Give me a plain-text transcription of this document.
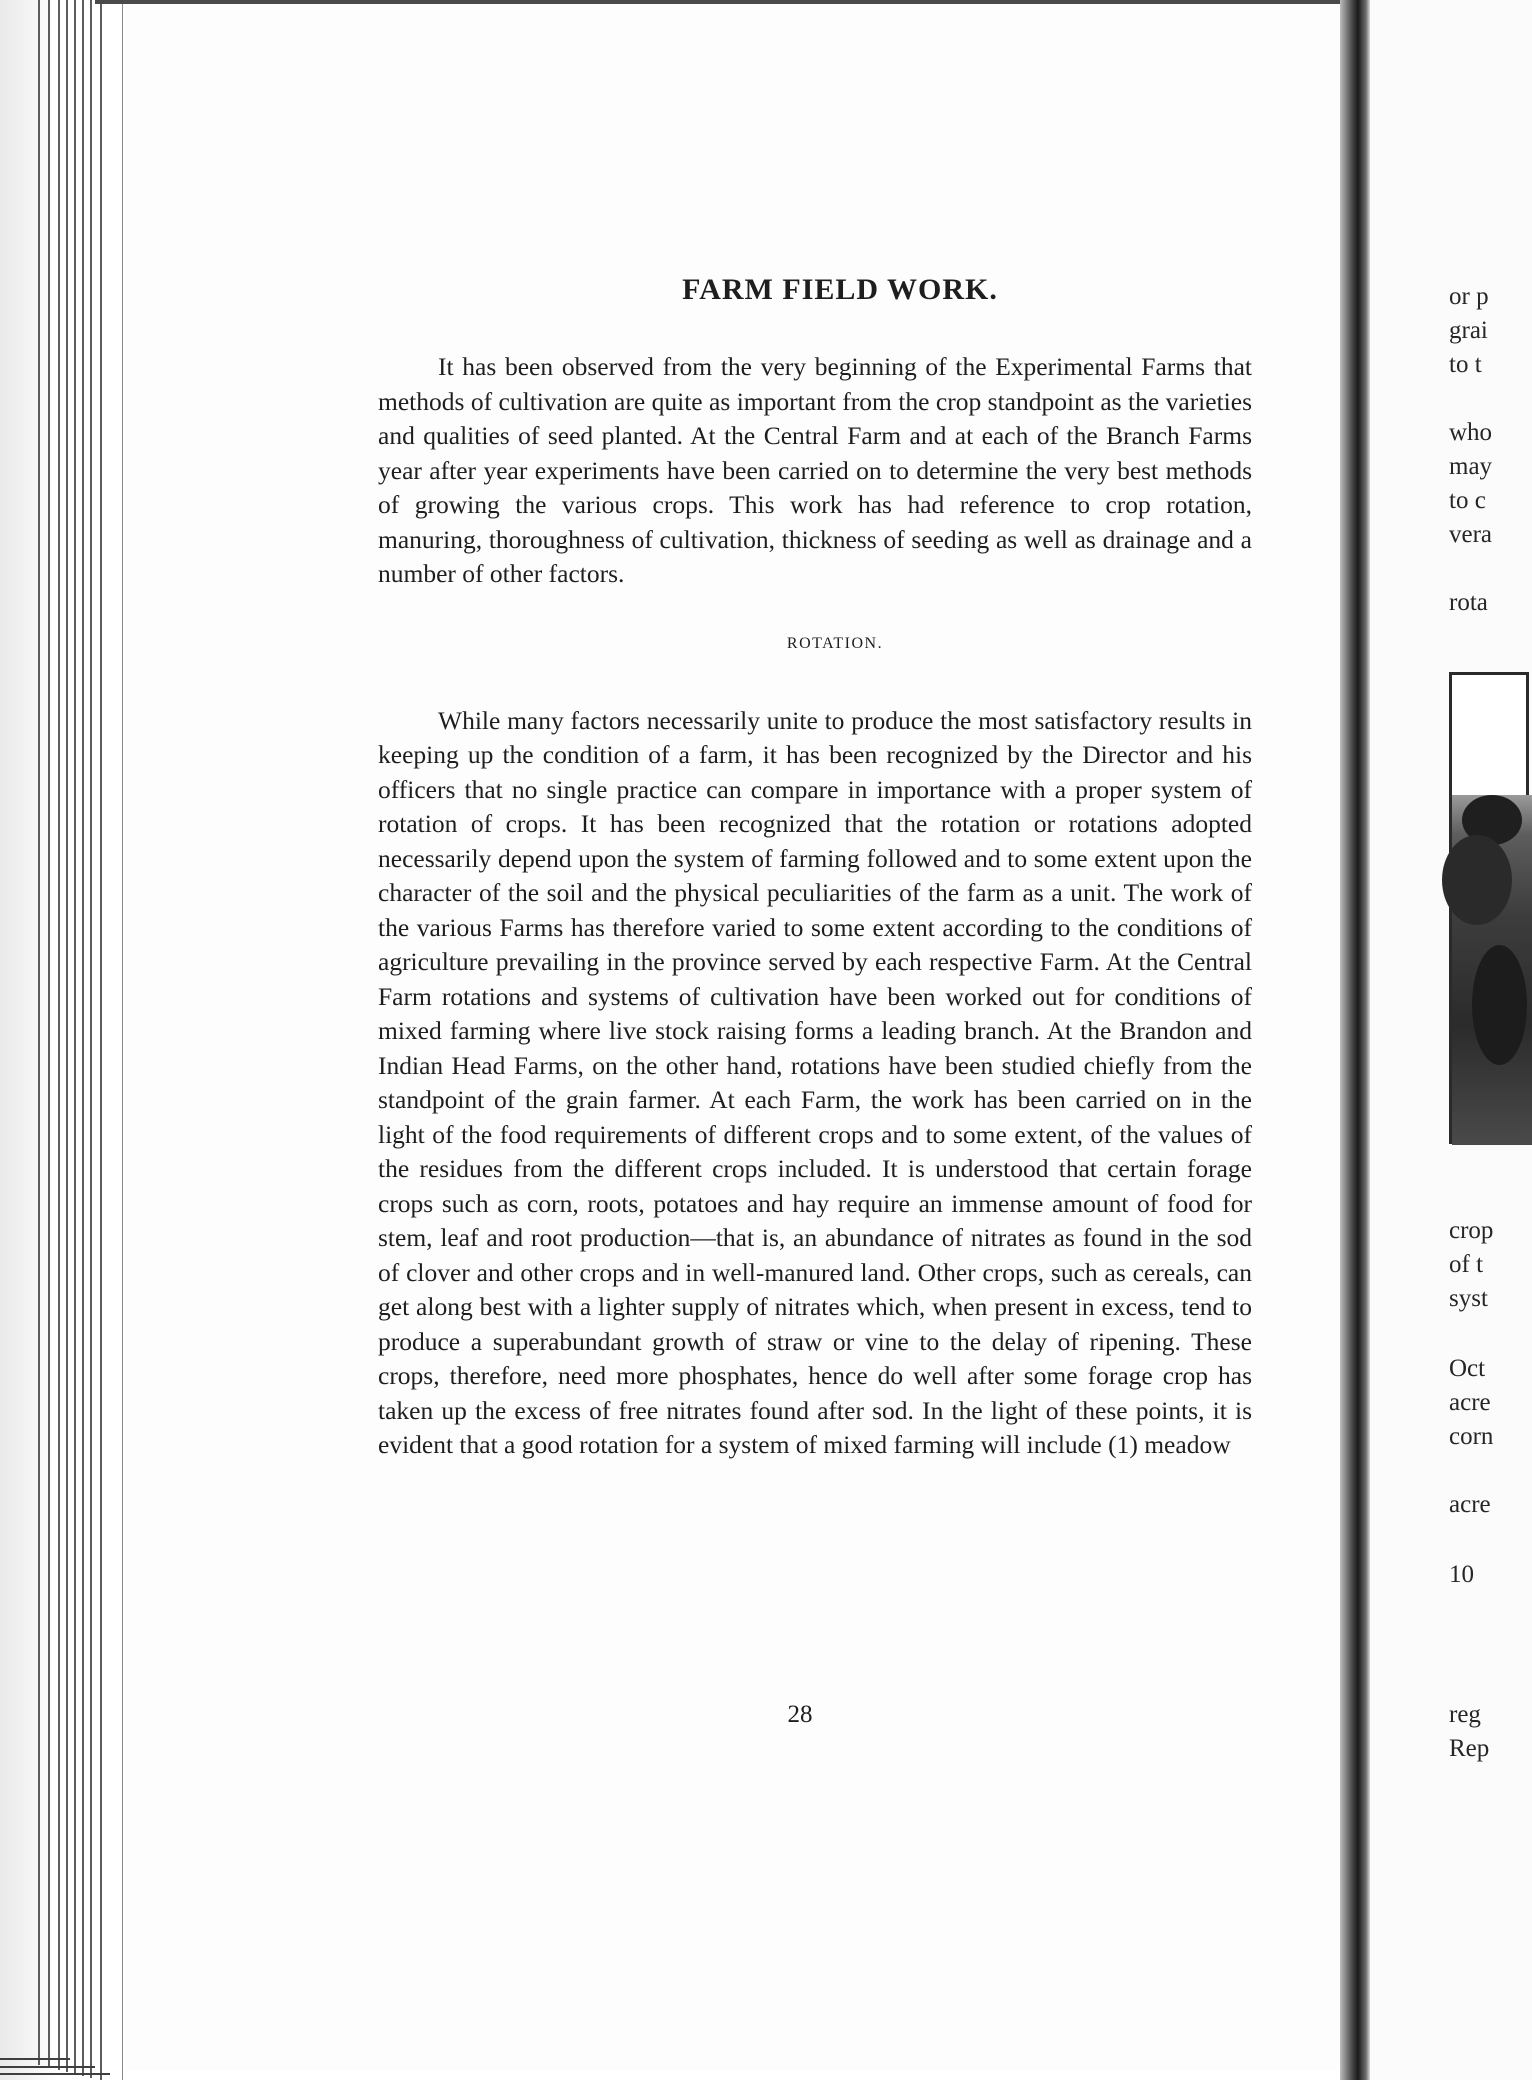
FARM FIELD WORK.

It has been observed from the very beginning of the Experimental Farms that methods of cultivation are quite as important from the crop standpoint as the varieties and qualities of seed planted. At the Central Farm and at each of the Branch Farms year after year experiments have been carried on to determine the very best methods of growing the various crops. This work has had reference to crop rotation, manuring, thoroughness of cultivation, thickness of seeding as well as drainage and a number of other factors.

ROTATION.

While many factors necessarily unite to produce the most satisfactory results in keeping up the condition of a farm, it has been recognized by the Director and his officers that no single practice can compare in importance with a proper system of rotation of crops. It has been recognized that the rotation or rotations adopted necessarily depend upon the system of farming followed and to some extent upon the character of the soil and the physical peculiarities of the farm as a unit. The work of the various Farms has therefore varied to some extent according to the conditions of agriculture prevailing in the province served by each respective Farm. At the Central Farm rotations and systems of cultivation have been worked out for conditions of mixed farming where live stock raising forms a leading branch. At the Brandon and Indian Head Farms, on the other hand, rotations have been studied chiefly from the standpoint of the grain farmer. At each Farm, the work has been carried on in the light of the food requirements of different crops and to some extent, of the values of the residues from the different crops included. It is understood that certain forage crops such as corn, roots, potatoes and hay require an immense amount of food for stem, leaf and root production—that is, an abundance of nitrates as found in the sod of clover and other crops and in well-manured land. Other crops, such as cereals, can get along best with a lighter supply of nitrates which, when present in excess, tend to produce a superabundant growth of straw or vine to the delay of ripening. These crops, therefore, need more phosphates, hence do well after some forage crop has taken up the excess of free nitrates found after sod. In the light of these points, it is evident that a good rotation for a system of mixed farming will include (1) meadow

28
or p
grai
to t
who
may
to c
vera
rota
crop
of t
syst
Oct
acre
corn
acre
10
reg
Rep
